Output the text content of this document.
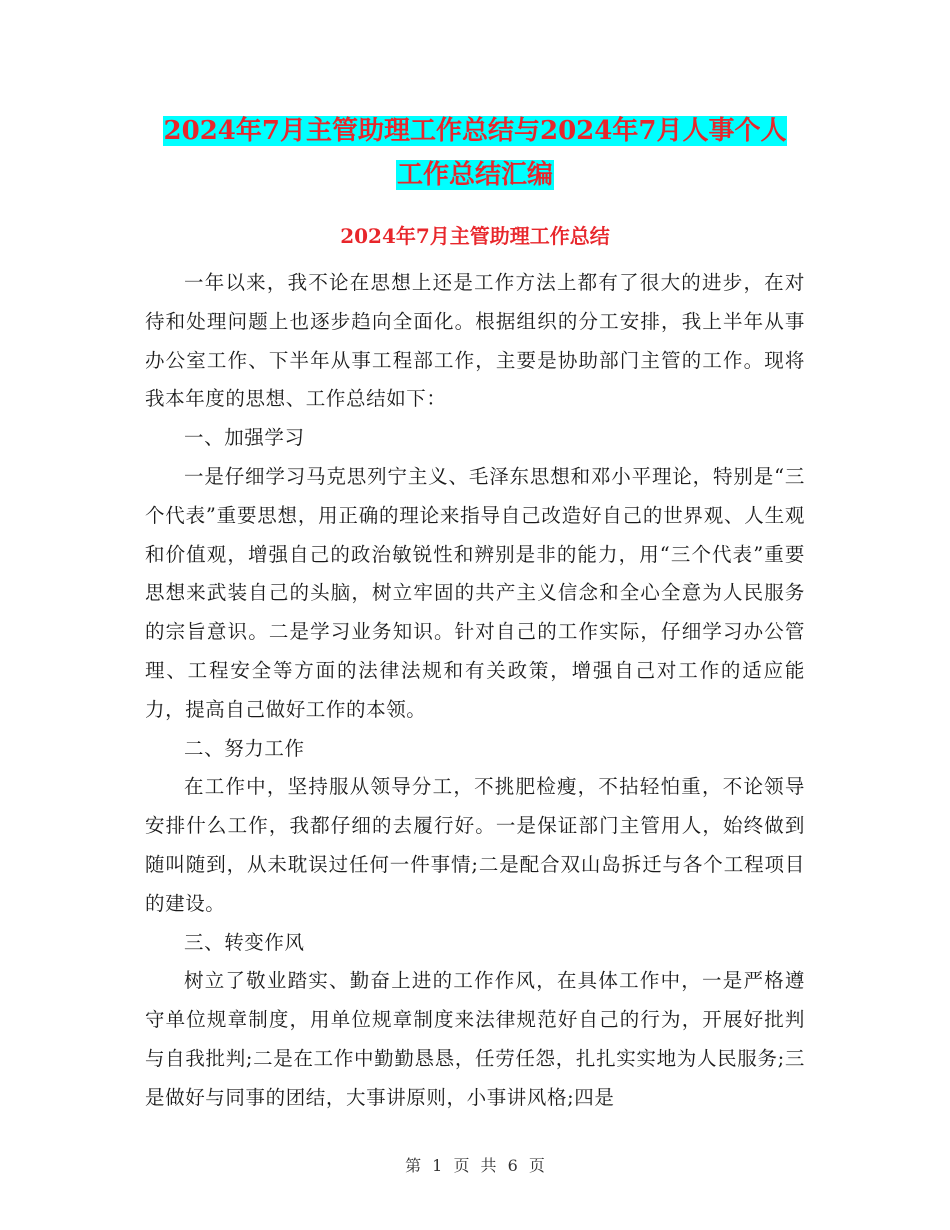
2024年7月主管助理工作总结与2024年7月人事个人
工作总结汇编
2024年7月主管助理工作总结

一年以来，我不论在思想上还是工作方法上都有了很大的进步，在对待和处理问题上也逐步趋向全面化。根据组织的分工安排，我上半年从事办公室工作、下半年从事工程部工作，主要是协助部门主管的工作。现将我本年度的思想、工作总结如下：

一、加强学习

一是仔细学习马克思列宁主义、毛泽东思想和邓小平理论，特别是“三个代表”重要思想，用正确的理论来指导自己改造好自己的世界观、人生观和价值观，增强自己的政治敏锐性和辨别是非的能力，用“三个代表”重要思想来武装自己的头脑，树立牢固的共产主义信念和全心全意为人民服务的宗旨意识。二是学习业务知识。针对自己的工作实际，仔细学习办公管理、工程安全等方面的法律法规和有关政策，增强自己对工作的适应能力，提高自己做好工作的本领。

二、努力工作

在工作中，坚持服从领导分工，不挑肥检瘦，不拈轻怕重，不论领导安排什么工作，我都仔细的去履行好。一是保证部门主管用人，始终做到随叫随到，从未耽误过任何一件事情;二是配合双山岛拆迁与各个工程项目的建设。

三、转变作风

树立了敬业踏实、勤奋上进的工作作风，在具体工作中，一是严格遵守单位规章制度，用单位规章制度来法律规范好自己的行为，开展好批判与自我批判;二是在工作中勤勤恳恳，任劳任怨，扎扎实实地为人民服务;三是做好与同事的团结，大事讲原则，小事讲风格;四是

第 1 页 共 6 页
